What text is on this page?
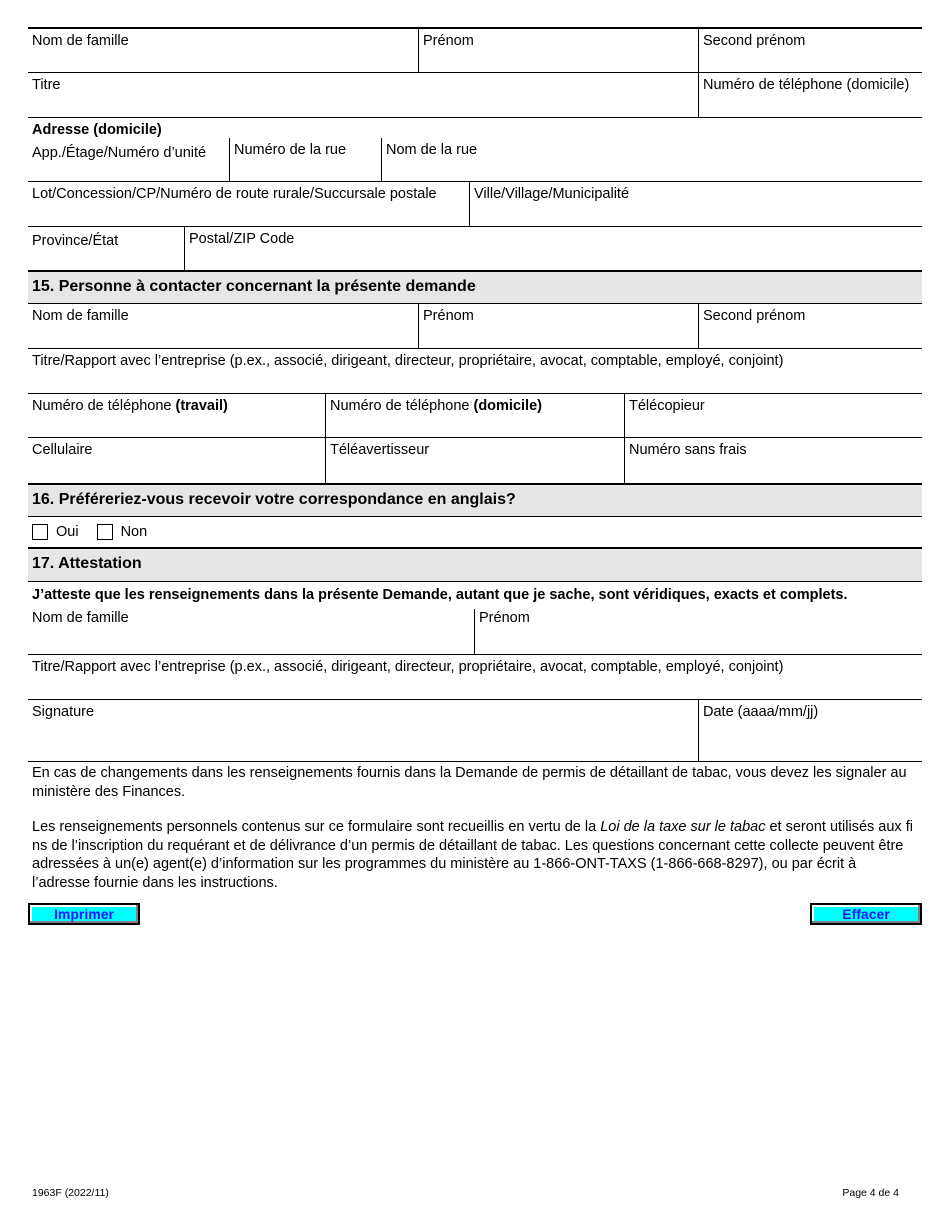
Nom de famille	Prénom	Second prénom
Titre	Numéro de téléphone (domicile)
Adresse (domicile)
App./Étage/Numéro d’unité	Numéro de la rue	Nom de la rue
Lot/Concession/CP/Numéro de route rurale/Succursale postale	Ville/Village/Municipalité
Province/État	Postal/ZIP Code
15. Personne à contacter concernant la présente demande
Nom de famille	Prénom	Second prénom
Titre/Rapport avec l’entreprise (p.ex., associé, dirigeant, directeur, propriétaire, avocat, comptable, employé, conjoint)
Numéro de téléphone (travail)	Numéro de téléphone (domicile)	Télécopieur
Cellulaire	Téléavertisseur	Numéro sans frais
16. Préféreriez-vous recevoir votre correspondance en anglais?
Oui	Non
17. Attestation
J’atteste que les renseignements dans la présente Demande, autant que je sache, sont véridiques, exacts et complets.
Nom de famille	Prénom
Titre/Rapport avec l’entreprise (p.ex., associé, dirigeant, directeur, propriétaire, avocat, comptable, employé, conjoint)
Signature	Date (aaaa/mm/jj)
En cas de changements dans les renseignements fournis dans la Demande de permis de détaillant de tabac, vous devez les signaler au ministère des Finances.
Les renseignements personnels contenus sur ce formulaire sont recueillis en vertu de la Loi de la taxe sur le tabac et seront utilisés aux fi ns de l’inscription du requérant et de délivrance d’un permis de détaillant de tabac. Les questions concernant cette collecte peuvent être adressées à un(e) agent(e) d’information sur les programmes du ministère au 1-866-ONT-TAXS (1-866-668-8297), ou par écrit à l’adresse fournie dans les instructions.
Imprimer	Effacer
1963F (2022/11)	Page 4 de 4
